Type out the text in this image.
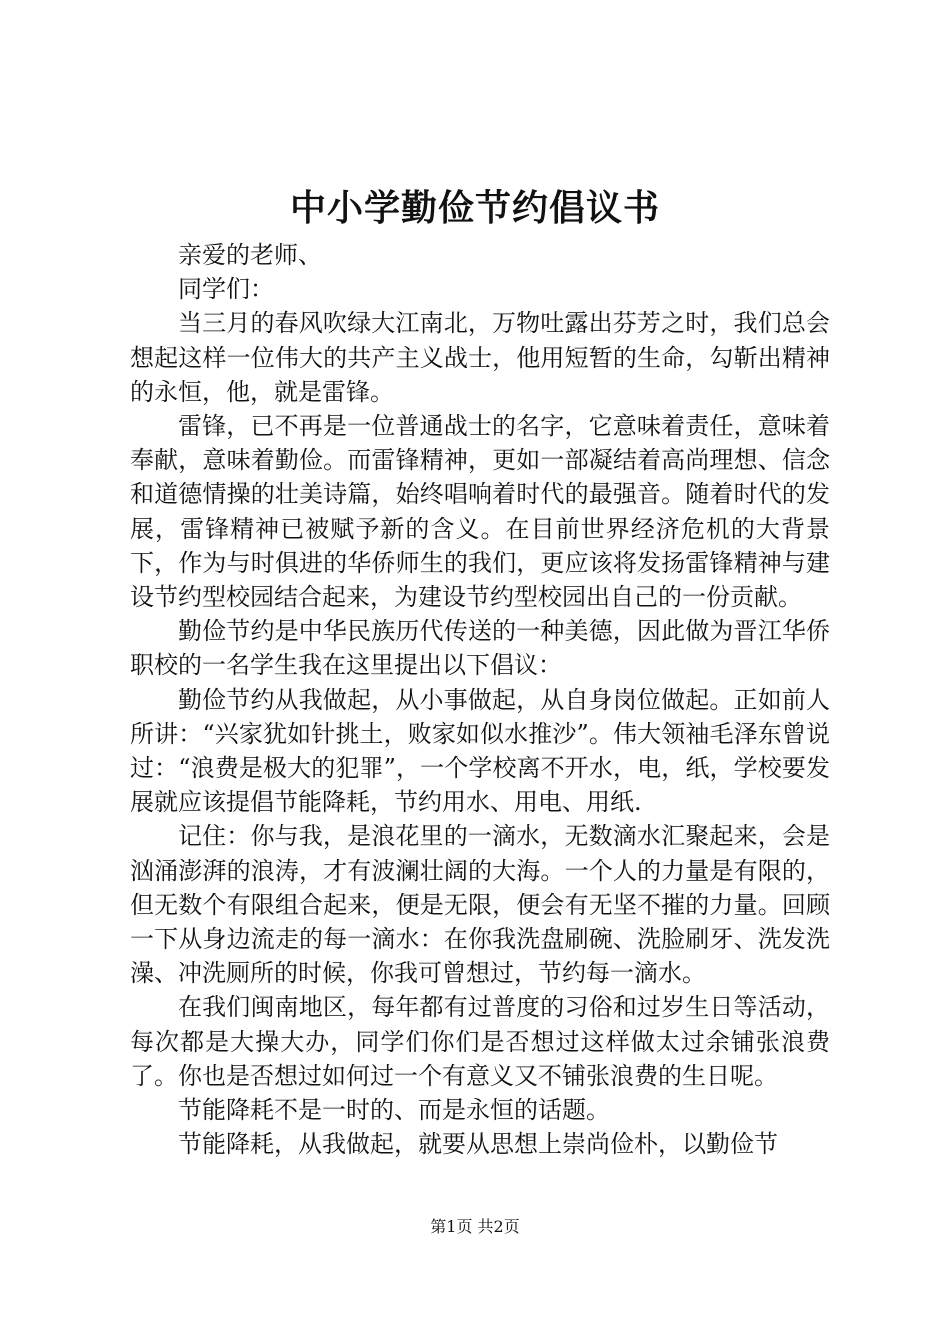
中小学勤俭节约倡议书

亲爱的老师、

同学们：

当三月的春风吹绿大江南北，万物吐露出芬芳之时，我们总会想起这样一位伟大的共产主义战士，他用短暂的生命，勾靳出精神的永恒，他，就是雷锋。

雷锋，已不再是一位普通战士的名字，它意味着责任，意味着奉献，意味着勤俭。而雷锋精神，更如一部凝结着高尚理想、信念和道德情操的壮美诗篇，始终唱响着时代的最强音。随着时代的发展，雷锋精神已被赋予新的含义。在目前世界经济危机的大背景下，作为与时俱进的华侨师生的我们，更应该将发扬雷锋精神与建设节约型校园结合起来，为建设节约型校园出自己的一份贡献。

勤俭节约是中华民族历代传送的一种美德，因此做为晋江华侨职校的一名学生我在这里提出以下倡议：

勤俭节约从我做起，从小事做起，从自身岗位做起。正如前人所讲：“兴家犹如针挑土，败家如似水推沙”。伟大领袖毛泽东曾说过：“浪费是极大的犯罪”，一个学校离不开水，电，纸，学校要发展就应该提倡节能降耗，节约用水、用电、用纸.

记住：你与我，是浪花里的一滴水，无数滴水汇聚起来，会是汹涌澎湃的浪涛，才有波澜壮阔的大海。一个人的力量是有限的，但无数个有限组合起来，便是无限，便会有无坚不摧的力量。回顾一下从身边流走的每一滴水：在你我洗盘刷碗、洗脸刷牙、洗发洗澡、冲洗厕所的时候，你我可曾想过，节约每一滴水。

在我们闽南地区，每年都有过普度的习俗和过岁生日等活动，每次都是大操大办，同学们你们是否想过这样做太过余铺张浪费了。你也是否想过如何过一个有意义又不铺张浪费的生日呢。

节能降耗不是一时的、而是永恒的话题。

节能降耗，从我做起，就要从思想上崇尚俭朴，以勤俭节

第1页 共2页
